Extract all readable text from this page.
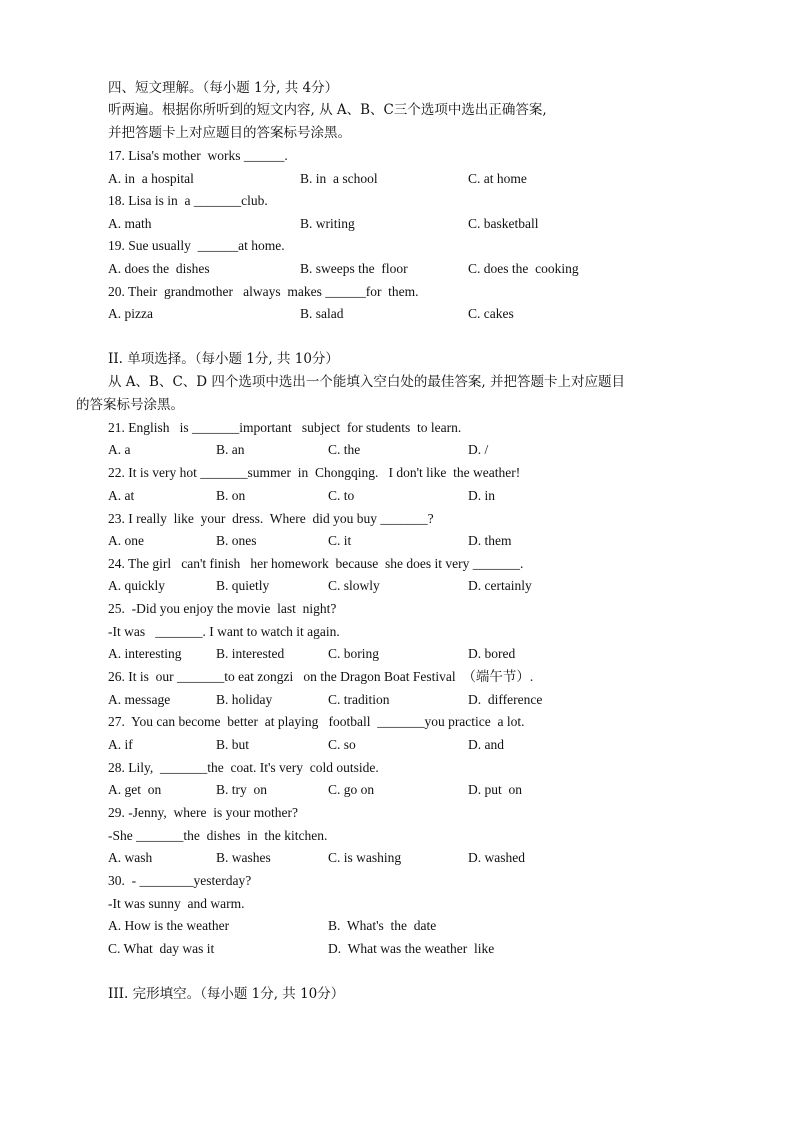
四、短文理解。（每小题 1分, 共 4分）
听两遍。根据你所听到的短文内容, 从 A、B、C三个选项中选出正确答案,
并把答题卡上对应题目的答案标号涂黑。
17. Lisa's mother  works ______.
A. in  a hospital	B. in  a school	C. at home
18. Lisa is in  a _______club.
A. math	B. writing	C. basketball
19. Sue usually  ______at home.
A. does the  dishes	B. sweeps the  floor	C. does the  cooking
20. Their  grandmother   always  makes ______for  them.
A. pizza	B. salad	C. cakes
II. 单项选择。（每小题 1分, 共 10分）
从 A、B、C、D 四个选项中选出一个能填入空白处的最佳答案, 并把答题卡上对应题目
的答案标号涂黑。
21. English   is _______important   subject  for students  to learn.
A. a	B. an	C. the	D. /
22. It is very hot _______summer  in  Chongqing.   I don't like  the weather!
A. at	B. on	C. to	D. in
23. I really  like  your  dress.  Where  did you buy _______?
A. one	B. ones	C. it	D. them
24. The girl   can't finish   her homework  because  she does it very _______.
A. quickly	B. quietly	C. slowly	D. certainly
25.  -Did you enjoy the movie  last  night?
-It was   _______. I want to watch it again.
A. interesting	B. interested	C. boring	D. bored
26. It is  our _______to eat zongzi   on the Dragon Boat Festival  （端午节）.
A. message	B. holiday	C. tradition	D.  difference
27.  You can become  better  at playing   football  _______you practice  a lot.
A. if	B. but	C. so	D. and
28. Lily,  _______the  coat. It's very  cold outside.
A. get  on	B. try  on	C. go on	D. put  on
29. -Jenny,  where  is your mother?
-She _______the  dishes  in  the kitchen.
A. wash	B. washes	C. is washing	D. washed
30.  - ________yesterday?
-It was sunny  and warm.
A. How is the weather	B.  What's  the  date
C. What  day was it	D.  What was the weather  like
III. 完形填空。（每小题 1分, 共 10分）
